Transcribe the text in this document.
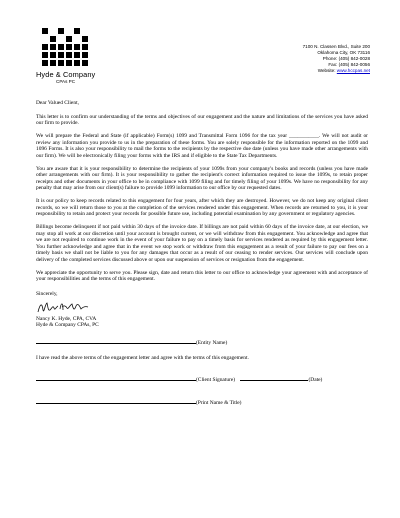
Hyde & Company
CPAs PC
7100 N. Classen Blvd., Suite 200
Oklahoma City, OK 73116
Phone: (405) 842-0028
Fax: (405) 842-0056
Website: www.hccpas.net

Dear Valued Client,

This letter is to confirm our understanding of the terms and objectives of our engagement and the nature and limitations of the services you have asked our firm to provide.

We will prepare the Federal and State (if applicable) Form(s) 1099 and Transmittal Form 1096 for the tax year ___________. We will not audit or review any information you provide to us in the preparation of these forms. You are solely responsible for the information reported on the 1099 and 1096 Forms. It is also your responsibility to mail the forms to the recipients by the respective due date (unless you have made other arrangements with our firm). We will be electronically filing your forms with the IRS and if eligible to the State Tax Departments.

You are aware that it is your responsibility to determine the recipients of your 1099s from your company's books and records (unless you have made other arrangements with our firm). It is your responsibility to gather the recipient's correct information required to issue the 1099s, to retain proper receipts and other documents in your office to be in compliance with 1099 filing and for timely filing of your 1099s. We have no responsibility for any penalty that may arise from our client(s) failure to provide 1099 information to our office by our requested dates.

It is our policy to keep records related to this engagement for four years, after which they are destroyed. However, we do not keep any original client records, so we will return those to you at the completion of the services rendered under this engagement. When records are returned to you, it is your responsibility to retain and protect your records for possible future use, including potential examination by any government or regulatory agencies.

Billings become delinquent if not paid within 30 days of the invoice date. If billings are not paid within 60 days of the invoice date, at our election, we may stop all work at our discretion until your account is brought current, or we will withdraw from this engagement. You acknowledge and agree that we are not required to continue work in the event of your failure to pay on a timely basis for services rendered as required by this engagement letter. You further acknowledge and agree that in the event we stop work or withdraw from this engagement as a result of your failure to pay our fees on a timely basis we shall not be liable to you for any damages that occur as a result of our ceasing to render services. Our services will conclude upon delivery of the completed services discussed above or upon our suspension of services or resignation from the engagement.

We appreciate the opportunity to serve you. Please sign, date and return this letter to our office to acknowledge your agreement with and acceptance of your responsibilities and the terms of this engagement.

Sincerely,

Nancy K. Hyde, CPA, CVA

Hyde & Company CPAs, PC

(Entity Name)

I have read the above terms of the engagement letter and agree with the terms of this engagement.

(Client Signature)	(Date)
(Print Name & Title)
